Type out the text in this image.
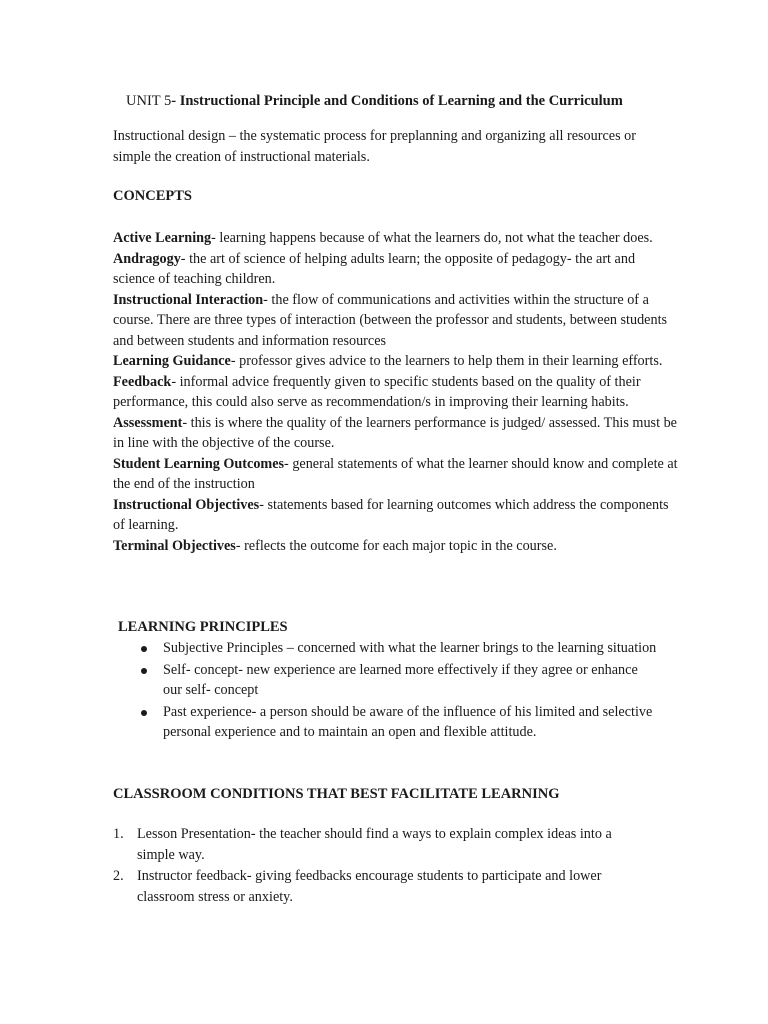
UNIT 5- Instructional Principle and Conditions of Learning and the Curriculum

Instructional design – the systematic process for preplanning and organizing all resources or simple the creation of instructional materials.

CONCEPTS

Active Learning- learning happens because of what the learners do, not what the teacher does.

Andragogy- the art of science of helping adults learn; the opposite of pedagogy- the art and science of teaching children.

Instructional Interaction- the flow of communications and activities within the structure of a course. There are three types of interaction (between the professor and students, between students and between students and information resources

Learning Guidance- professor gives advice to the learners to help them in their learning efforts.

Feedback- informal advice frequently given to specific students based on the quality of their performance, this could also serve as recommendation/s in improving their learning habits.

Assessment- this is where the quality of the learners performance is judged/ assessed. This must be in line with the objective of the course.

Student Learning Outcomes- general statements of what the learner should know and complete at the end of the instruction

Instructional Objectives- statements based for learning outcomes which address the components of learning.

Terminal Objectives- reflects the outcome for each major topic in the course.

LEARNING PRINCIPLES
Subjective Principles – concerned with what the learner brings to the learning situation
Self- concept- new experience are learned more effectively if they agree or enhance our self- concept
Past experience- a person should be aware of the influence of his limited and selective personal experience and to maintain an open and flexible attitude.
CLASSROOM CONDITIONS THAT BEST FACILITATE LEARNING
1. Lesson Presentation- the teacher should find a ways to explain complex ideas into a simple way.
2. Instructor feedback- giving feedbacks encourage students to participate and lower classroom stress or anxiety.
